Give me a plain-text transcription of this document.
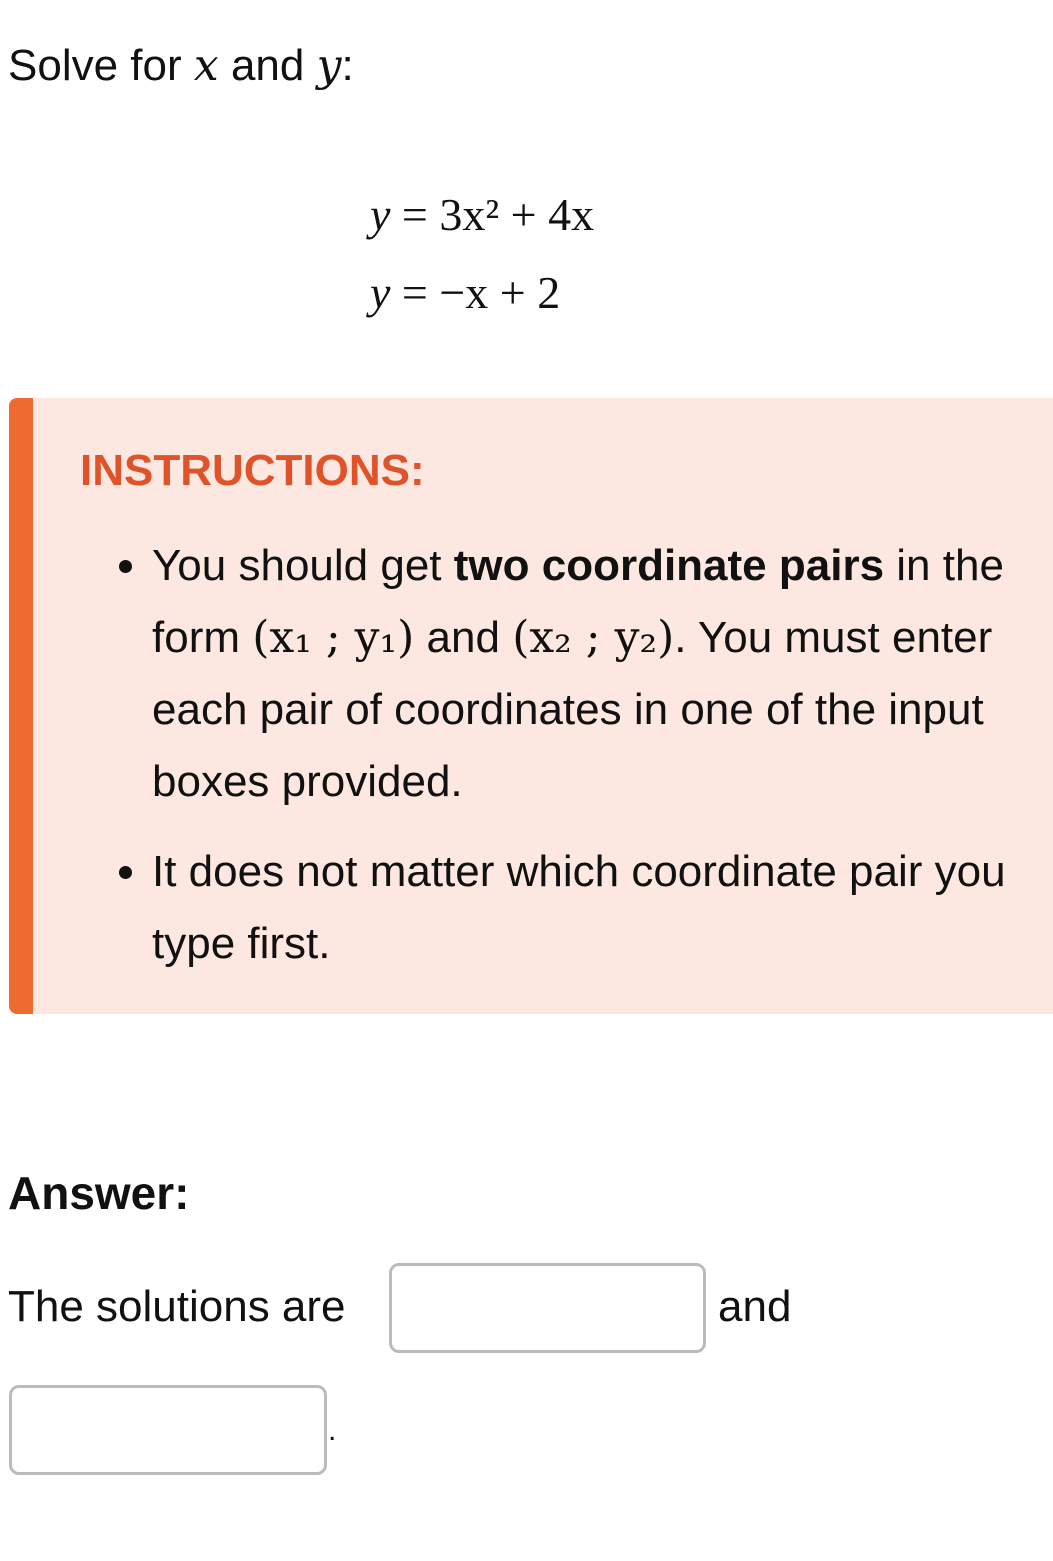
Solve for x and y:
y = 3x² + 4x
y = −x + 2
INSTRUCTIONS:
• You should get two coordinate pairs in the form (x₁ ; y₁) and (x₂ ; y₂). You must enter each pair of coordinates in one of the input boxes provided.
• It does not matter which coordinate pair you type first.
Answer:
The solutions are	and
.
